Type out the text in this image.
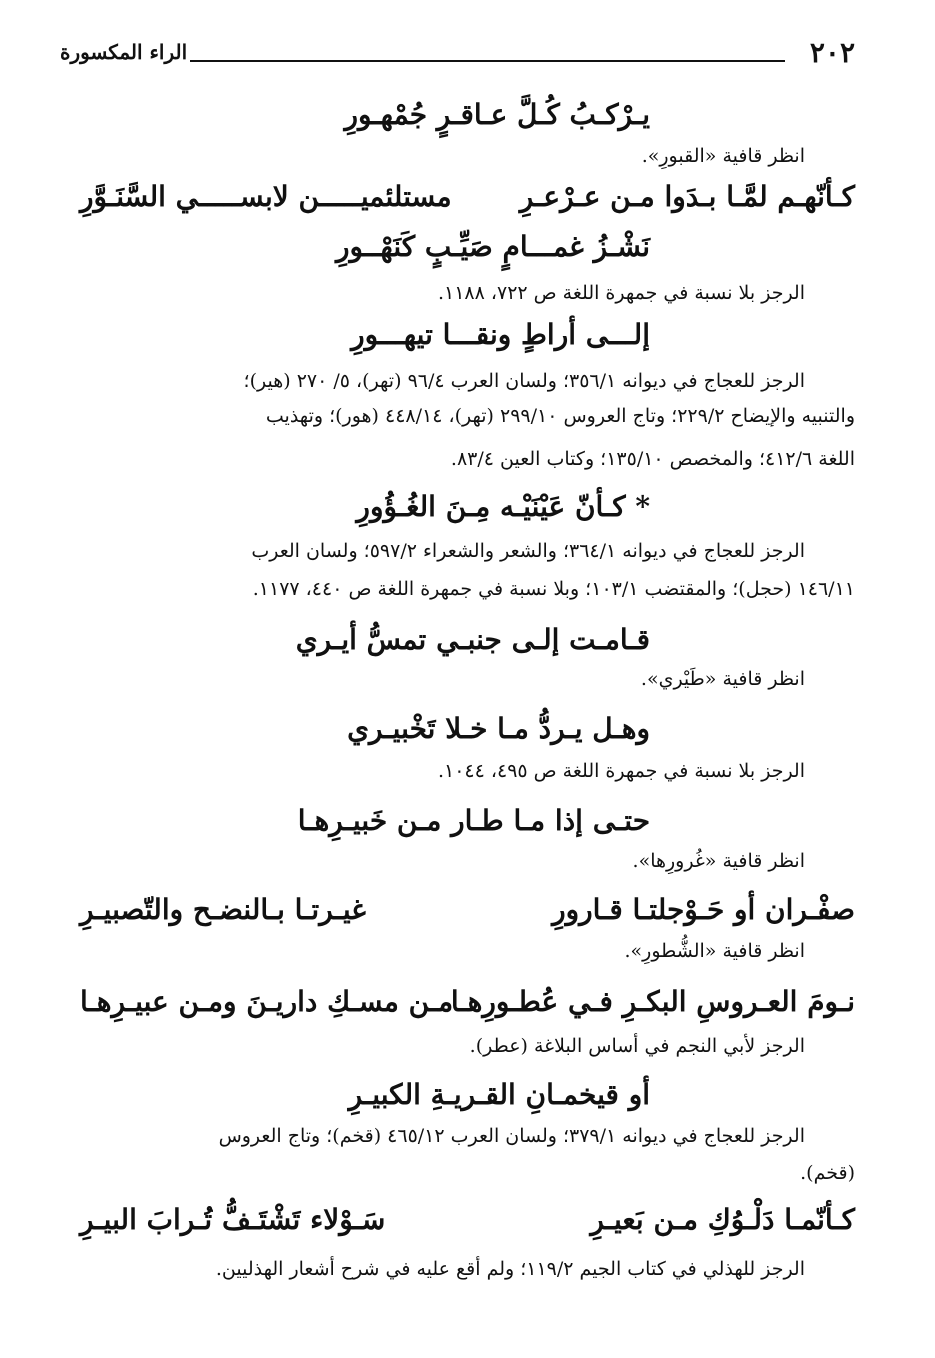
٢٠٢
الراء المكسورة
يـرْكـبُ كُـلَّ عـاقـرٍ جُمْهـورِ
انظر قافية «القبورِ».
كـأنّهـم لمَّـا بـدَوا مـن عـرْعـرِ
مستلئميـــــن لابســـــي السَّنَـوَّرِ
نَشْـزُ غمـــامٍ صَيِّـبٍ كَنَهْــورِ
الرجز بلا نسبة في جمهرة اللغة ص ٧٢٢، ١١٨٨.
إلـــى أراطٍ ونقـــا تيهـــورِ
الرجز للعجاج في ديوانه ٣٥٦/١؛ ولسان العرب ٩٦/٤ (تهر)، ٥/ ٢٧٠ (هير)؛
والتنبيه والإيضاح ٢٢٩/٢؛ وتاج العروس ٢٩٩/١٠ (تهر)، ٤٤٨/١٤ (هور)؛ وتهذيب
اللغة ٤١٢/٦؛ والمخصص ١٣٥/١٠؛ وكتاب العين ٨٣/٤.
* كـأنّ عَيْنَيْـه مِـنَ الغُـؤُورِ
الرجز للعجاج في ديوانه ٣٦٤/١؛ والشعر والشعراء ٥٩٧/٢؛ ولسان العرب
١٤٦/١١ (حجل)؛ والمقتضب ١٠٣/١؛ وبلا نسبة في جمهرة اللغة ص ٤٤٠، ١١٧٧.
قـامـت إلـى جنبـي تمسُّ أيـري
انظر قافية «طَيْري».
وهـل يـردُّ مـا خـلا تَخْبيـري
الرجز بلا نسبة في جمهرة اللغة ص ٤٩٥، ١٠٤٤.
حتـى إذا مـا طـار مـن خَبيـرِهـا
انظر قافية «غُرورِها».
صفْـران أو حَـوْجلتـا قـارورِ
غيـرتـا بـالنضـح والتّصبيـرِ
انظر قافية «الشُّطورِ».
نـومَ العـروسِ البكـرِ فـي عُطـورِهـا
مـن مسـكِ داريـنَ ومـن عبيـرِهـا
الرجز لأبي النجم في أساس البلاغة (عطر).
أو قيخمـانِ القـريـةِ الكبيـرِ
الرجز للعجاج في ديوانه ٣٧٩/١؛ ولسان العرب ٤٦٥/١٢ (قخم)؛ وتاج العروس
(قخم).
كـأنّمـا دَلْـوُكِ مـن بَعيـرِ
سَـوْلاء تَشْتَـفُّ تُـرابَ البيـرِ
الرجز للهذلي في كتاب الجيم ١١٩/٢؛ ولم أقع عليه في شرح أشعار الهذليين.
